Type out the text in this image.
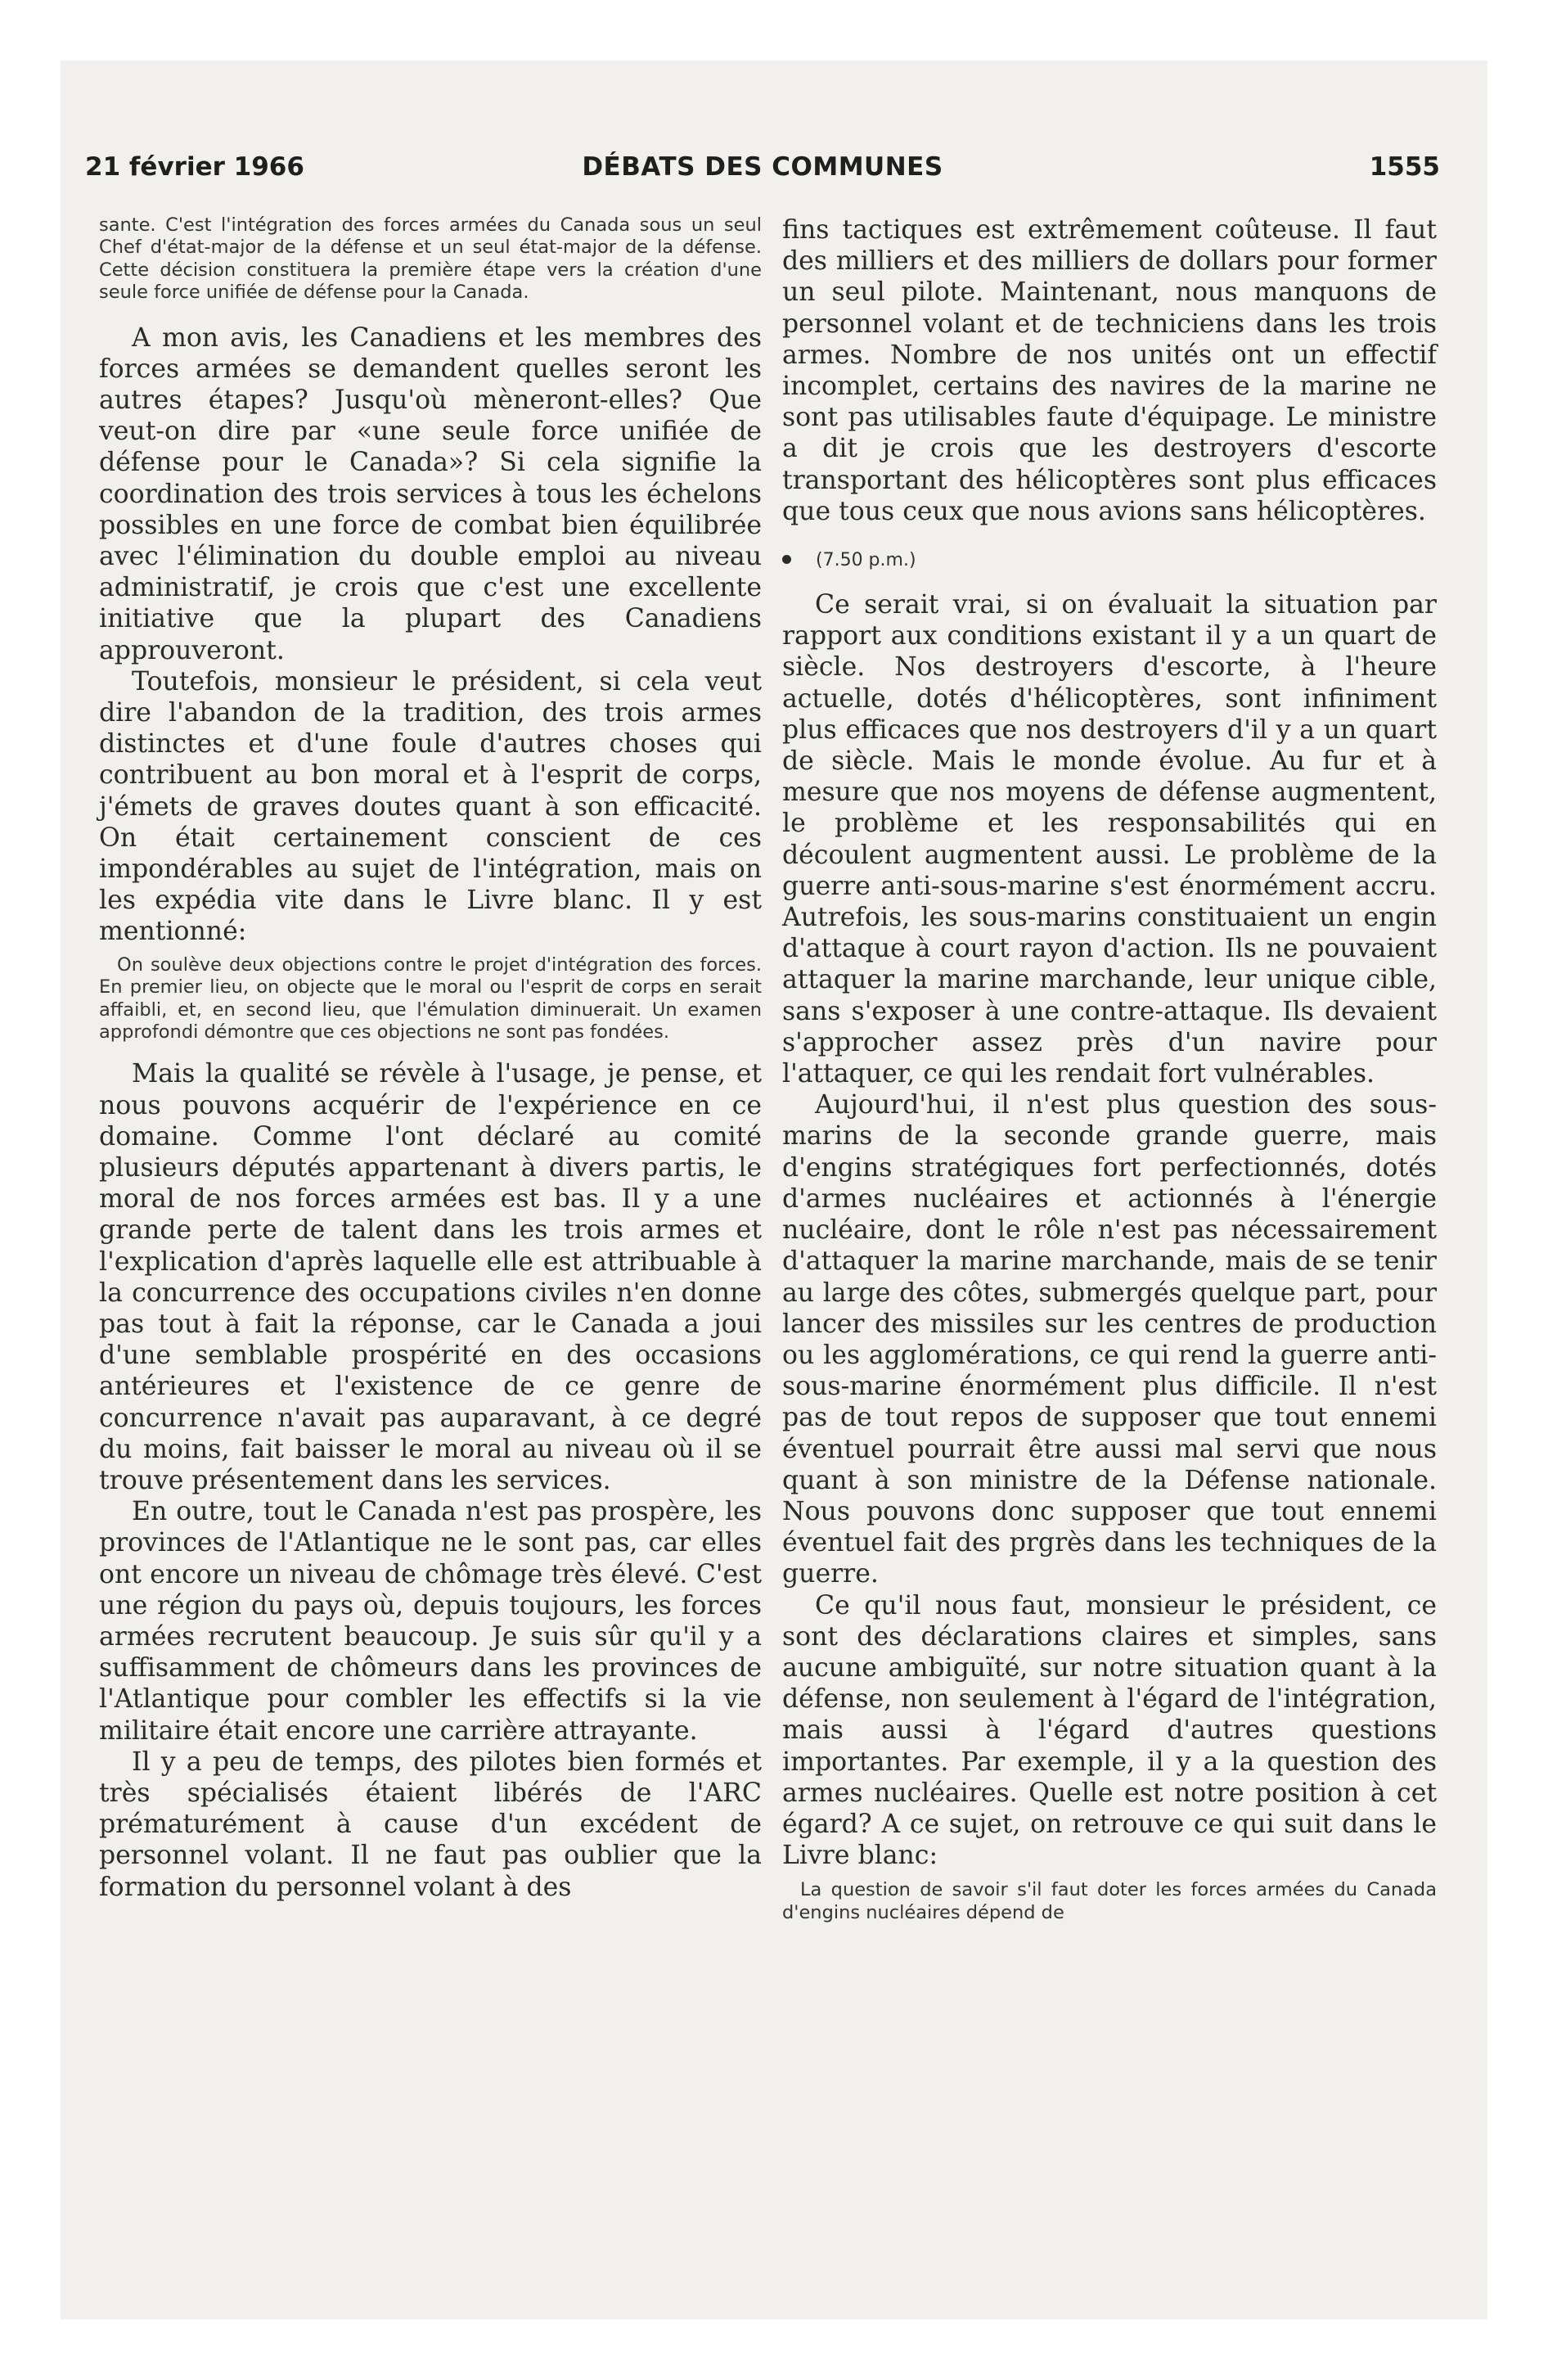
21 février 1966	DÉBATS DES COMMUNES	1555

sante. C'est l'intégration des forces armées du Canada sous un seul Chef d'état-major de la défense et un seul état-major de la défense. Cette décision constituera la première étape vers la création d'une seule force unifiée de défense pour la Canada.

A mon avis, les Canadiens et les membres des forces armées se demandent quelles seront les autres étapes? Jusqu'où mèneront-elles? Que veut-on dire par «une seule force unifiée de défense pour le Canada»? Si cela signifie la coordination des trois services à tous les échelons possibles en une force de combat bien équilibrée avec l'élimination du double emploi au niveau administratif, je crois que c'est une excellente initiative que la plupart des Canadiens approuveront.

Toutefois, monsieur le président, si cela veut dire l'abandon de la tradition, des trois armes distinctes et d'une foule d'autres choses qui contribuent au bon moral et à l'esprit de corps, j'émets de graves doutes quant à son efficacité. On était certainement conscient de ces impondérables au sujet de l'intégration, mais on les expédia vite dans le Livre blanc. Il y est mentionné:

On soulève deux objections contre le projet d'intégration des forces. En premier lieu, on objecte que le moral ou l'esprit de corps en serait affaibli, et, en second lieu, que l'émulation diminuerait. Un examen approfondi démontre que ces objections ne sont pas fondées.

Mais la qualité se révèle à l'usage, je pense, et nous pouvons acquérir de l'expérience en ce domaine. Comme l'ont déclaré au comité plusieurs députés appartenant à divers partis, le moral de nos forces armées est bas. Il y a une grande perte de talent dans les trois armes et l'explication d'après laquelle elle est attribuable à la concurrence des occupations civiles n'en donne pas tout à fait la réponse, car le Canada a joui d'une semblable prospérité en des occasions antérieures et l'existence de ce genre de concurrence n'avait pas auparavant, à ce degré du moins, fait baisser le moral au niveau où il se trouve présentement dans les services.

En outre, tout le Canada n'est pas prospère, les provinces de l'Atlantique ne le sont pas, car elles ont encore un niveau de chômage très élevé. C'est une région du pays où, depuis toujours, les forces armées recrutent beaucoup. Je suis sûr qu'il y a suffisamment de chômeurs dans les provinces de l'Atlantique pour combler les effectifs si la vie militaire était encore une carrière attrayante.

Il y a peu de temps, des pilotes bien formés et très spécialisés étaient libérés de l'ARC prématurément à cause d'un excédent de personnel volant. Il ne faut pas oublier que la formation du personnel volant à des

fins tactiques est extrêmement coûteuse. Il faut des milliers et des milliers de dollars pour former un seul pilote. Maintenant, nous manquons de personnel volant et de techniciens dans les trois armes. Nombre de nos unités ont un effectif incomplet, certains des navires de la marine ne sont pas utilisables faute d'équipage. Le ministre a dit je crois que les destroyers d'escorte transportant des hélicoptères sont plus efficaces que tous ceux que nous avions sans hélicoptères.

(7.50 p.m.)

Ce serait vrai, si on évaluait la situation par rapport aux conditions existant il y a un quart de siècle. Nos destroyers d'escorte, à l'heure actuelle, dotés d'hélicoptères, sont infiniment plus efficaces que nos destroyers d'il y a un quart de siècle. Mais le monde évolue. Au fur et à mesure que nos moyens de défense augmentent, le problème et les responsabilités qui en découlent augmentent aussi. Le problème de la guerre anti-sous-marine s'est énormément accru. Autrefois, les sous-marins constituaient un engin d'attaque à court rayon d'action. Ils ne pouvaient attaquer la marine marchande, leur unique cible, sans s'exposer à une contre-attaque. Ils devaient s'approcher assez près d'un navire pour l'attaquer, ce qui les rendait fort vulnérables.

Aujourd'hui, il n'est plus question des sous-marins de la seconde grande guerre, mais d'engins stratégiques fort perfectionnés, dotés d'armes nucléaires et actionnés à l'énergie nucléaire, dont le rôle n'est pas nécessairement d'attaquer la marine marchande, mais de se tenir au large des côtes, submergés quelque part, pour lancer des missiles sur les centres de production ou les agglomérations, ce qui rend la guerre anti-sous-marine énormément plus difficile. Il n'est pas de tout repos de supposer que tout ennemi éventuel pourrait être aussi mal servi que nous quant à son ministre de la Défense nationale. Nous pouvons donc supposer que tout ennemi éventuel fait des prgrès dans les techniques de la guerre.

Ce qu'il nous faut, monsieur le président, ce sont des déclarations claires et simples, sans aucune ambiguïté, sur notre situation quant à la défense, non seulement à l'égard de l'intégration, mais aussi à l'égard d'autres questions importantes. Par exemple, il y a la question des armes nucléaires. Quelle est notre position à cet égard? A ce sujet, on retrouve ce qui suit dans le Livre blanc:

La question de savoir s'il faut doter les forces armées du Canada d'engins nucléaires dépend de
